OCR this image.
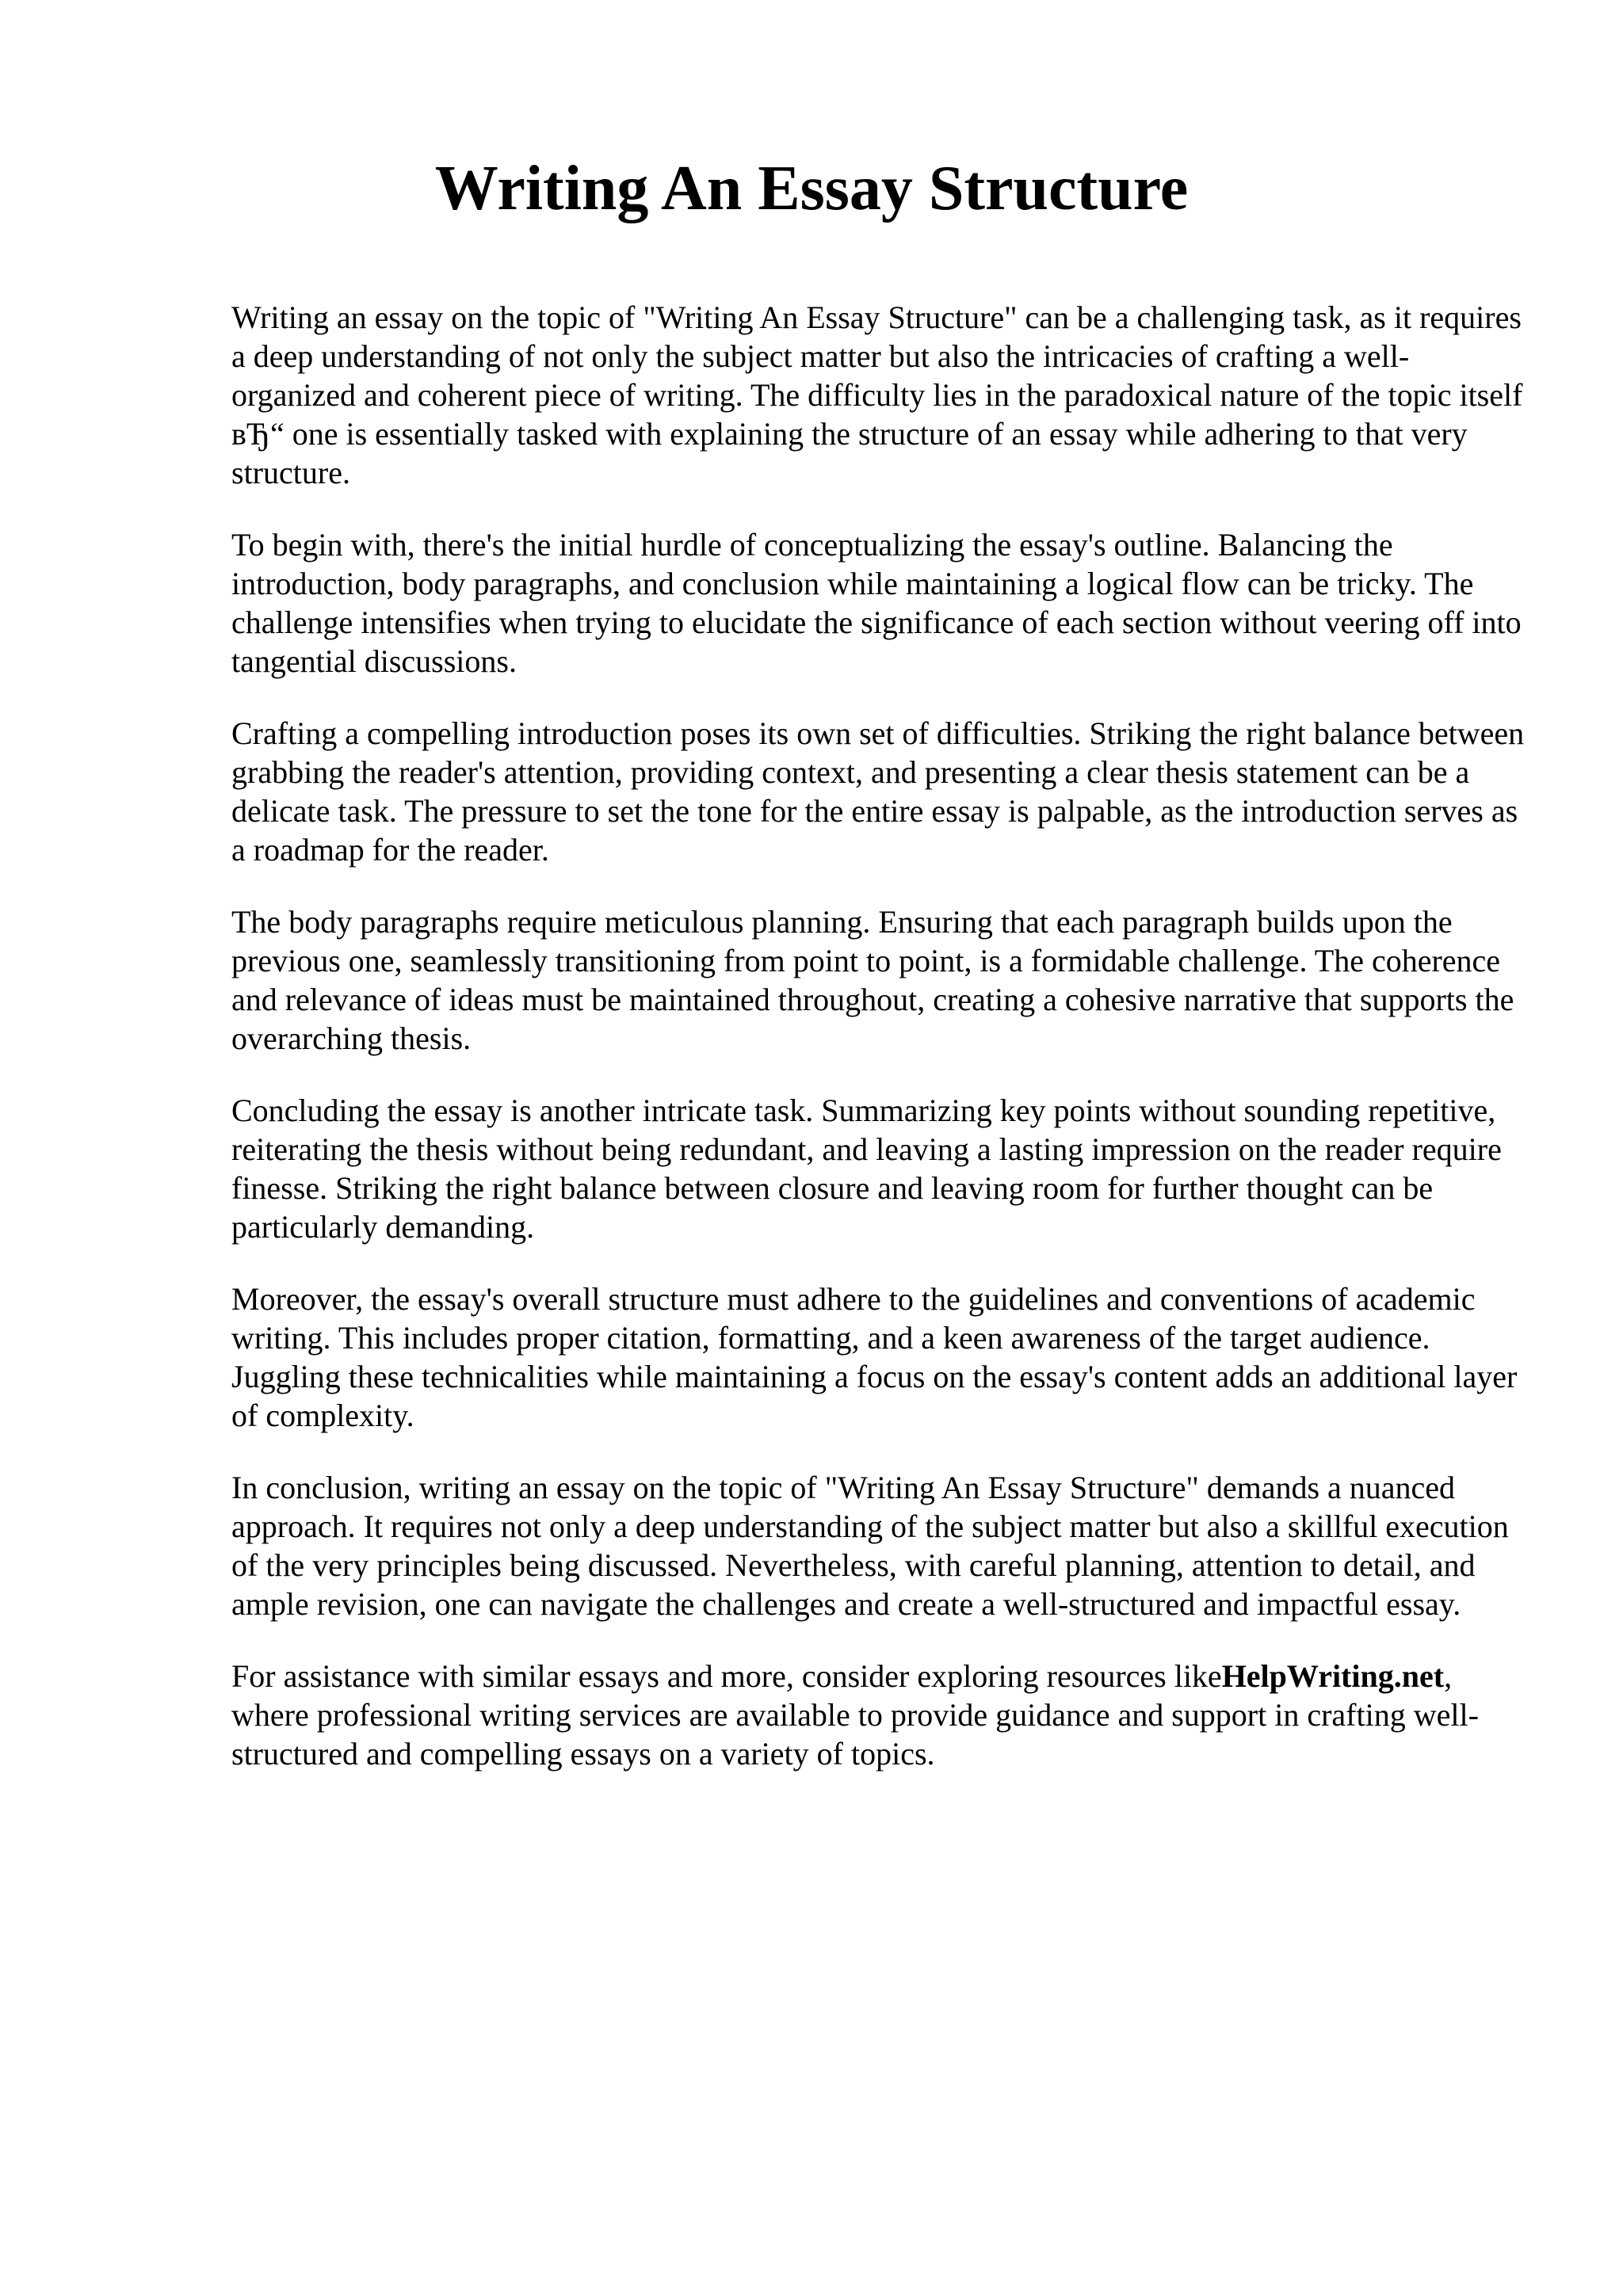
Writing An Essay Structure

Writing an essay on the topic of "Writing An Essay Structure" can be a challenging task, as it requires a deep understanding of not only the subject matter but also the intricacies of crafting a well-organized and coherent piece of writing. The difficulty lies in the paradoxical nature of the topic itself вЂ“ one is essentially tasked with explaining the structure of an essay while adhering to that very structure.

To begin with, there's the initial hurdle of conceptualizing the essay's outline. Balancing the introduction, body paragraphs, and conclusion while maintaining a logical flow can be tricky. The challenge intensifies when trying to elucidate the significance of each section without veering off into tangential discussions.

Crafting a compelling introduction poses its own set of difficulties. Striking the right balance between grabbing the reader's attention, providing context, and presenting a clear thesis statement can be a delicate task. The pressure to set the tone for the entire essay is palpable, as the introduction serves as a roadmap for the reader.

The body paragraphs require meticulous planning. Ensuring that each paragraph builds upon the previous one, seamlessly transitioning from point to point, is a formidable challenge. The coherence and relevance of ideas must be maintained throughout, creating a cohesive narrative that supports the overarching thesis.

Concluding the essay is another intricate task. Summarizing key points without sounding repetitive, reiterating the thesis without being redundant, and leaving a lasting impression on the reader require finesse. Striking the right balance between closure and leaving room for further thought can be particularly demanding.

Moreover, the essay's overall structure must adhere to the guidelines and conventions of academic writing. This includes proper citation, formatting, and a keen awareness of the target audience. Juggling these technicalities while maintaining a focus on the essay's content adds an additional layer of complexity.

In conclusion, writing an essay on the topic of "Writing An Essay Structure" demands a nuanced approach. It requires not only a deep understanding of the subject matter but also a skillful execution of the very principles being discussed. Nevertheless, with careful planning, attention to detail, and ample revision, one can navigate the challenges and create a well-structured and impactful essay.

For assistance with similar essays and more, consider exploring resources likeHelpWriting.net, where professional writing services are available to provide guidance and support in crafting well-structured and compelling essays on a variety of topics.
